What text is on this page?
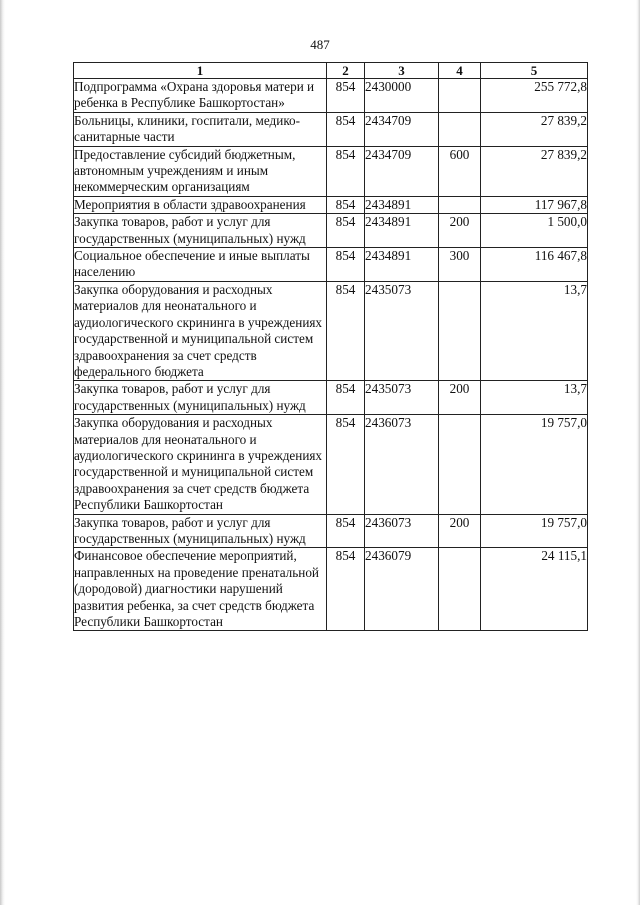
487
1	2	3	4	5
Подпрограмма «Охрана здоровья матери и ребенка в Республике Башкортостан»	854	2430000		255 772,8
Больницы, клиники, госпитали, медико-санитарные части	854	2434709		27 839,2
Предоставление субсидий бюджетным, автономным учреждениям и иным некоммерческим организациям	854	2434709	600	27 839,2
Мероприятия в области здравоохранения	854	2434891		117 967,8
Закупка товаров, работ и услуг для государственных (муниципальных) нужд	854	2434891	200	1 500,0
Социальное обеспечение и иные выплаты населению	854	2434891	300	116 467,8
Закупка оборудования и расходных материалов для неонатального и аудиологического скрининга в учреждениях государственной и муниципальной систем здравоохранения за счет средств федерального бюджета	854	2435073		13,7
Закупка товаров, работ и услуг для государственных (муниципальных) нужд	854	2435073	200	13,7
Закупка оборудования и расходных материалов для неонатального и аудиологического скрининга в учреждениях государственной и муниципальной систем здравоохранения за счет средств бюджета Республики Башкортостан	854	2436073		19 757,0
Закупка товаров, работ и услуг для государственных (муниципальных) нужд	854	2436073	200	19 757,0
Финансовое обеспечение мероприятий, направленных на проведение пренатальной (дородовой) диагностики нарушений развития ребенка, за счет средств бюджета Республики Башкортостан	854	2436079		24 115,1
